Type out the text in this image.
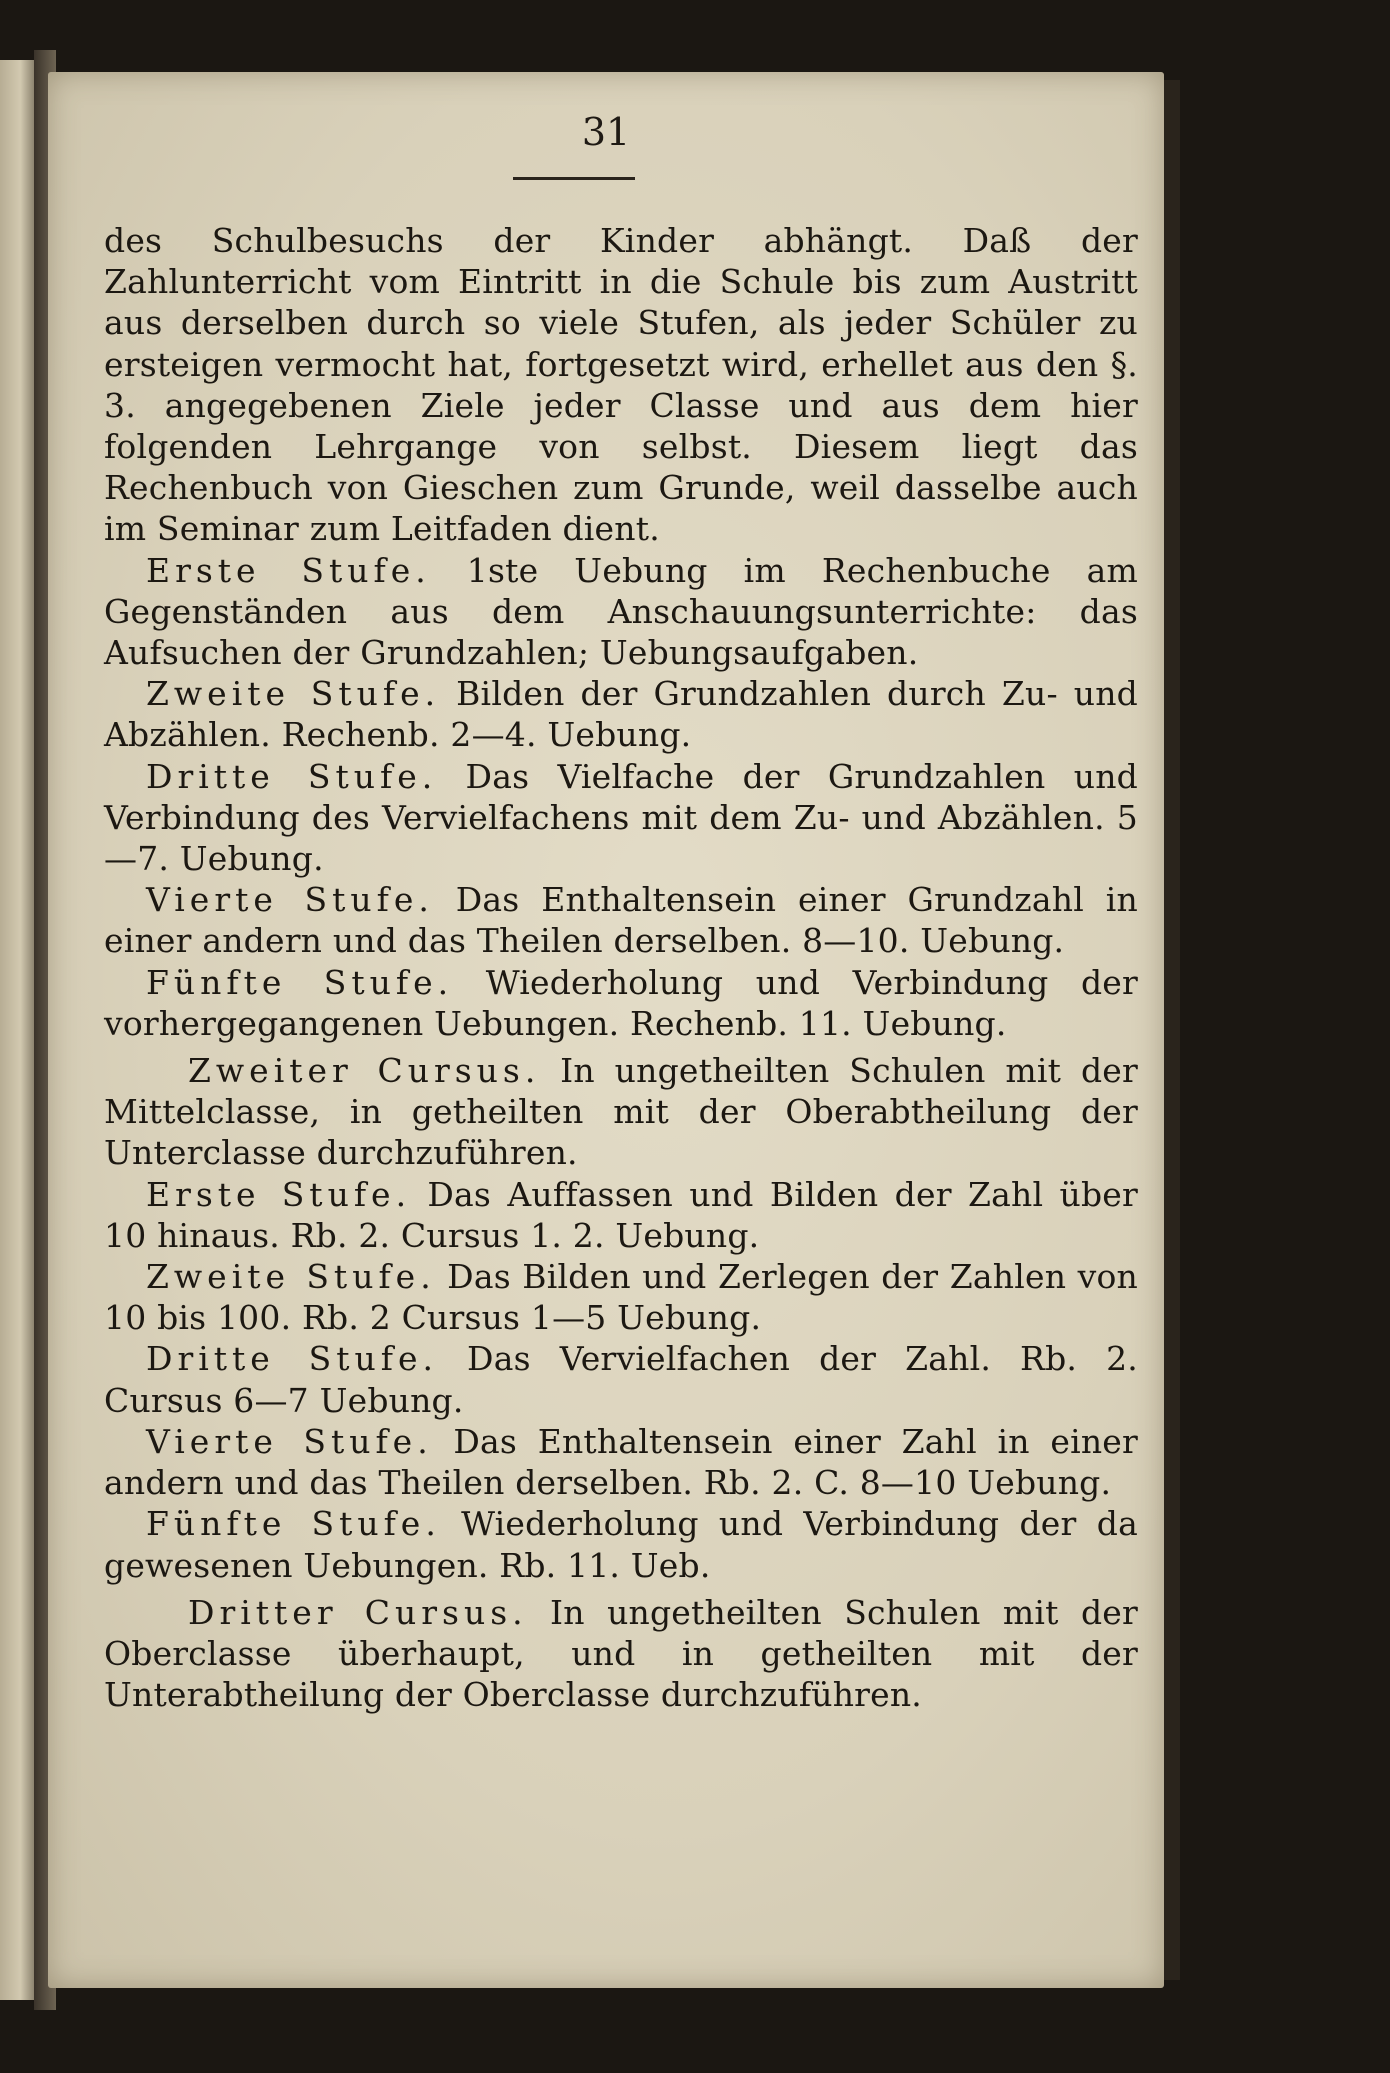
31

des Schulbesuchs der Kinder abhängt. Daß der Zahlunterricht vom Eintritt in die Schule bis zum Austritt aus derselben durch so viele Stufen, als jeder Schüler zu ersteigen vermocht hat, fortgesetzt wird, erhellet aus den §. 3. angegebenen Ziele jeder Classe und aus dem hier folgenden Lehrgange von selbst. Diesem liegt das Rechenbuch von Gieschen zum Grunde, weil dasselbe auch im Seminar zum Leitfaden dient.

Erste Stufe. 1ste Uebung im Rechenbuche am Gegenständen aus dem Anschauungsunterrichte: das Aufsuchen der Grundzahlen; Uebungsaufgaben.

Zweite Stufe. Bilden der Grundzahlen durch Zu- und Abzählen. Rechenb. 2—4. Uebung.

Dritte Stufe. Das Vielfache der Grundzahlen und Verbindung des Vervielfachens mit dem Zu- und Abzählen. 5—7. Uebung.

Vierte Stufe. Das Enthaltensein einer Grundzahl in einer andern und das Theilen derselben. 8—10. Uebung.

Fünfte Stufe. Wiederholung und Verbindung der vorhergegangenen Uebungen. Rechenb. 11. Uebung.

Zweiter Cursus. In ungetheilten Schulen mit der Mittelclasse, in getheilten mit der Oberabtheilung der Unterclasse durchzuführen.

Erste Stufe. Das Auffassen und Bilden der Zahl über 10 hinaus. Rb. 2. Cursus 1. 2. Uebung.

Zweite Stufe. Das Bilden und Zerlegen der Zahlen von 10 bis 100. Rb. 2 Cursus 1—5 Uebung.

Dritte Stufe. Das Vervielfachen der Zahl. Rb. 2. Cursus 6—7 Uebung.

Vierte Stufe. Das Enthaltensein einer Zahl in einer andern und das Theilen derselben. Rb. 2. C. 8—10 Uebung.

Fünfte Stufe. Wiederholung und Verbindung der da gewesenen Uebungen. Rb. 11. Ueb.

Dritter Cursus. In ungetheilten Schulen mit der Oberclasse überhaupt, und in getheilten mit der Unterabtheilung der Oberclasse durchzuführen.
